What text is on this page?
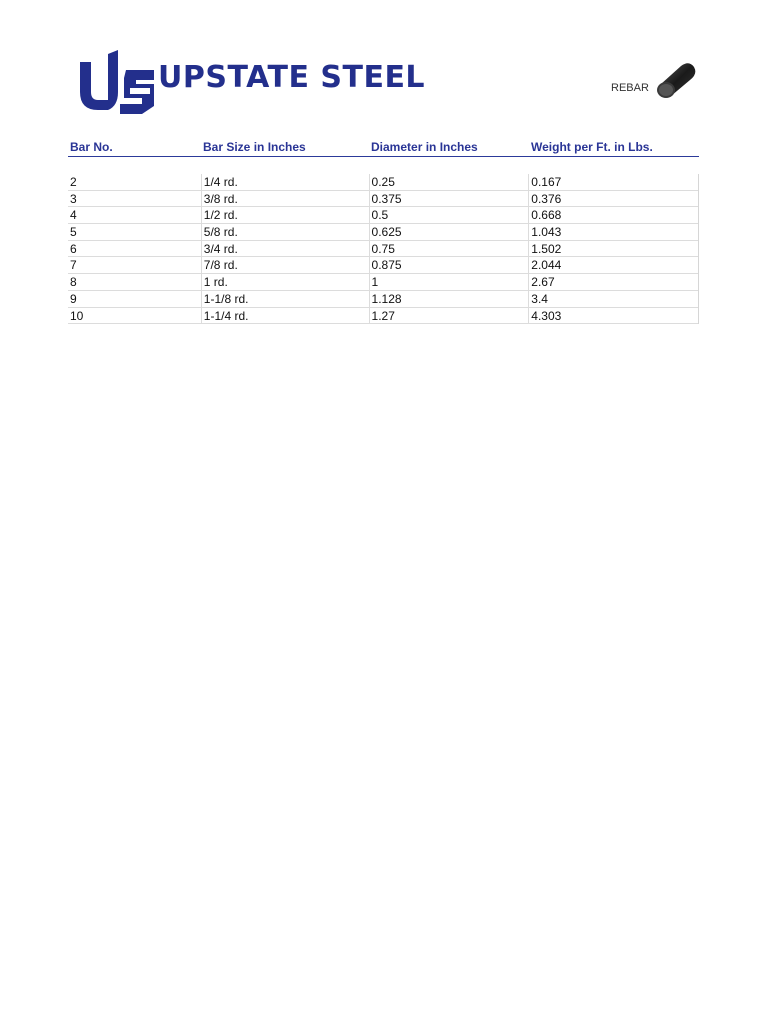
UPSTATE STEEL	REBAR
Bar No.	Bar Size in Inches	Diameter in Inches	Weight per Ft. in Lbs.
2	1/4 rd.	0.25	0.167
3	3/8 rd.	0.375	0.376
4	1/2 rd.	0.5	0.668
5	5/8 rd.	0.625	1.043
6	3/4 rd.	0.75	1.502
7	7/8 rd.	0.875	2.044
8	1 rd.	1	2.67
9	1-1/8 rd.	1.128	3.4
10	1-1/4 rd.	1.27	4.303
